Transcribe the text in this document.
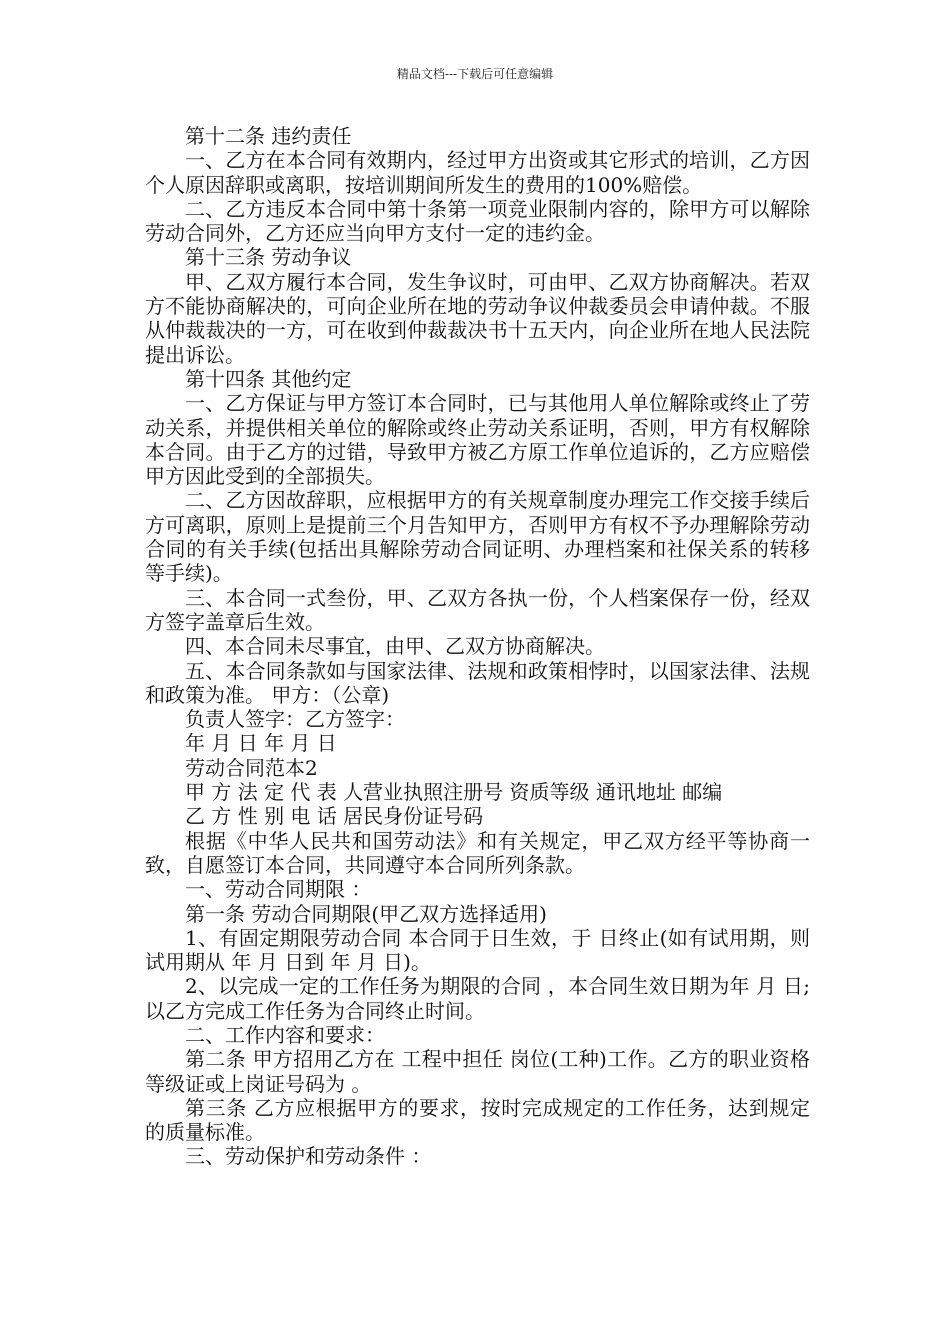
精品文档---下载后可任意编辑

第十二条 违约责任

一、乙方在本合同有效期内，经过甲方出资或其它形式的培训，乙方因个人原因辞职或离职，按培训期间所发生的费用的100%赔偿。

二、乙方违反本合同中第十条第一项竞业限制内容的，除甲方可以解除劳动合同外，乙方还应当向甲方支付一定的违约金。

第十三条 劳动争议

甲、乙双方履行本合同，发生争议时，可由甲、乙双方协商解决。若双方不能协商解决的，可向企业所在地的劳动争议仲裁委员会申请仲裁。不服从仲裁裁决的一方，可在收到仲裁裁决书十五天内，向企业所在地人民法院提出诉讼。

第十四条 其他约定

一、乙方保证与甲方签订本合同时，已与其他用人单位解除或终止了劳动关系，并提供相关单位的解除或终止劳动关系证明，否则，甲方有权解除本合同。由于乙方的过错，导致甲方被乙方原工作单位追诉的，乙方应赔偿甲方因此受到的全部损失。

二、乙方因故辞职，应根据甲方的有关规章制度办理完工作交接手续后方可离职，原则上是提前三个月告知甲方，否则甲方有权不予办理解除劳动合同的有关手续(包括出具解除劳动合同证明、办理档案和社保关系的转移等手续)。

三、本合同一式叁份，甲、乙双方各执一份，个人档案保存一份，经双方签字盖章后生效。

四、本合同未尽事宜，由甲、乙双方协商解决。

五、本合同条款如与国家法律、法规和政策相悖时，以国家法律、法规和政策为准。 甲方：（公章)

负责人签字：乙方签字：

年 月 日 年 月 日

劳动合同范本2

甲 方 法 定 代 表 人营业执照注册号 资质等级 通讯地址 邮编

乙 方 性 别 电 话 居民身份证号码

根据《中华人民共和国劳动法》和有关规定，甲乙双方经平等协商一致，自愿签订本合同，共同遵守本合同所列条款。

一、劳动合同期限 ：

第一条 劳动合同期限(甲乙双方选择适用)

1、有固定期限劳动合同 本合同于日生效，于 日终止(如有试用期，则试用期从 年 月 日到 年 月 日)。

2、以完成一定的工作任务为期限的合同 ，本合同生效日期为年 月 日;以乙方完成工作任务为合同终止时间。

二、工作内容和要求：

第二条 甲方招用乙方在 工程中担任 岗位(工种)工作。乙方的职业资格等级证或上岗证号码为 。

第三条 乙方应根据甲方的要求，按时完成规定的工作任务，达到规定的质量标准。

三、劳动保护和劳动条件 ：
